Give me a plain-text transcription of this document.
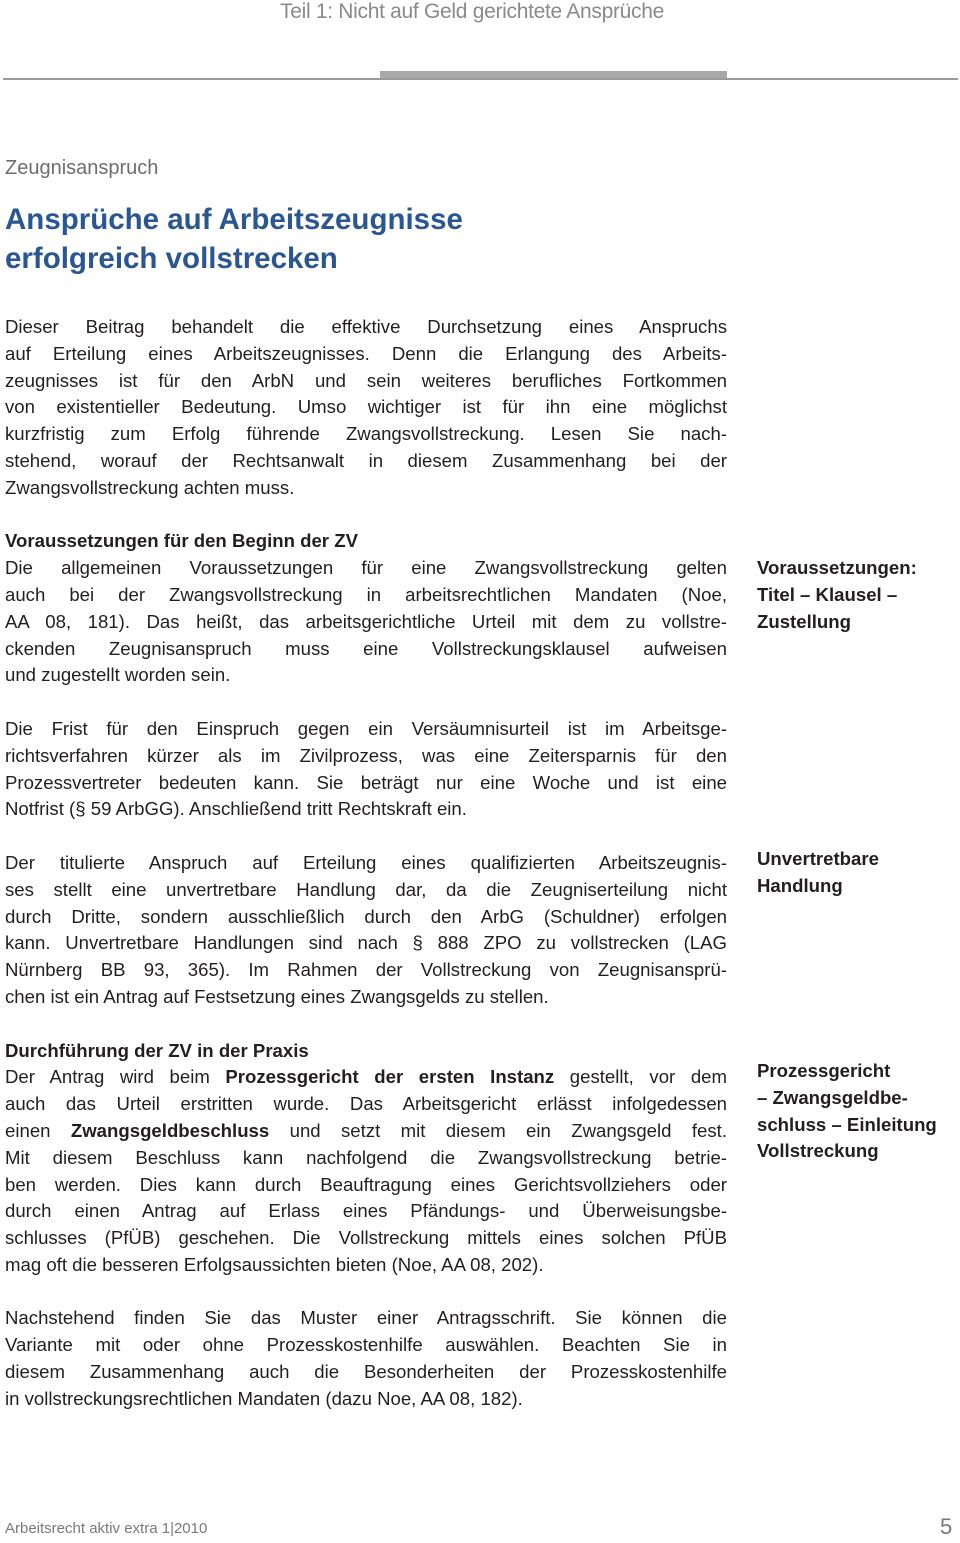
Teil 1: Nicht auf Geld gerichtete Ansprüche
Zeugnisanspruch
Ansprüche auf Arbeitszeugnisse
erfolgreich vollstrecken
Dieser Beitrag behandelt die effektive Durchsetzung eines Anspruchs
auf Erteilung eines Arbeitszeugnisses. Denn die Erlangung des Arbeits-
zeugnisses ist für den ArbN und sein weiteres berufliches Fortkommen
von existentieller Bedeutung. Umso wichtiger ist für ihn eine möglichst
kurzfristig zum Erfolg führende Zwangsvollstreckung. Lesen Sie nach-
stehend, worauf der Rechtsanwalt in diesem Zusammenhang bei der
Zwangsvollstreckung achten muss.
Voraussetzungen für den Beginn der ZV
Die allgemeinen Voraussetzungen für eine Zwangsvollstreckung gelten
auch bei der Zwangsvollstreckung in arbeitsrechtlichen Mandaten (Noe,
AA 08, 181). Das heißt, das arbeitsgerichtliche Urteil mit dem zu vollstre-
ckenden Zeugnisanspruch muss eine Vollstreckungsklausel aufweisen
und zugestellt worden sein.
Die Frist für den Einspruch gegen ein Versäumnisurteil ist im Arbeitsge-
richtsverfahren kürzer als im Zivilprozess, was eine Zeitersparnis für den
Prozessvertreter bedeuten kann. Sie beträgt nur eine Woche und ist eine
Notfrist (§ 59 ArbGG). Anschließend tritt Rechtskraft ein.
Der titulierte Anspruch auf Erteilung eines qualifizierten Arbeitszeugnis-
ses stellt eine unvertretbare Handlung dar, da die Zeugniserteilung nicht
durch Dritte, sondern ausschließlich durch den ArbG (Schuldner) erfolgen
kann. Unvertretbare Handlungen sind nach § 888 ZPO zu vollstrecken (LAG
Nürnberg BB 93, 365). Im Rahmen der Vollstreckung von Zeugnisansprü-
chen ist ein Antrag auf Festsetzung eines Zwangsgelds zu stellen.
Durchführung der ZV in der Praxis
Der Antrag wird beim Prozessgericht der ersten Instanz gestellt, vor dem
auch das Urteil erstritten wurde. Das Arbeitsgericht erlässt infolgedessen
einen Zwangsgeldbeschluss und setzt mit diesem ein Zwangsgeld fest.
Mit diesem Beschluss kann nachfolgend die Zwangsvollstreckung betrie-
ben werden. Dies kann durch Beauftragung eines Gerichtsvollziehers oder
durch einen Antrag auf Erlass eines Pfändungs- und Überweisungsbe-
schlusses (PfÜB) geschehen. Die Vollstreckung mittels eines solchen PfÜB
mag oft die besseren Erfolgsaussichten bieten (Noe, AA 08, 202).
Nachstehend finden Sie das Muster einer Antragsschrift. Sie können die
Variante mit oder ohne Prozesskostenhilfe auswählen. Beachten Sie in
diesem Zusammenhang auch die Besonderheiten der Prozesskostenhilfe
in vollstreckungsrechtlichen Mandaten (dazu Noe, AA 08, 182).
Voraussetzungen:
Titel – Klausel –
Zustellung
Unvertretbare
Handlung
Prozessgericht
– Zwangsgeldbe-
schluss – Einleitung
Vollstreckung
Arbeitsrecht aktiv extra 1|2010	5
